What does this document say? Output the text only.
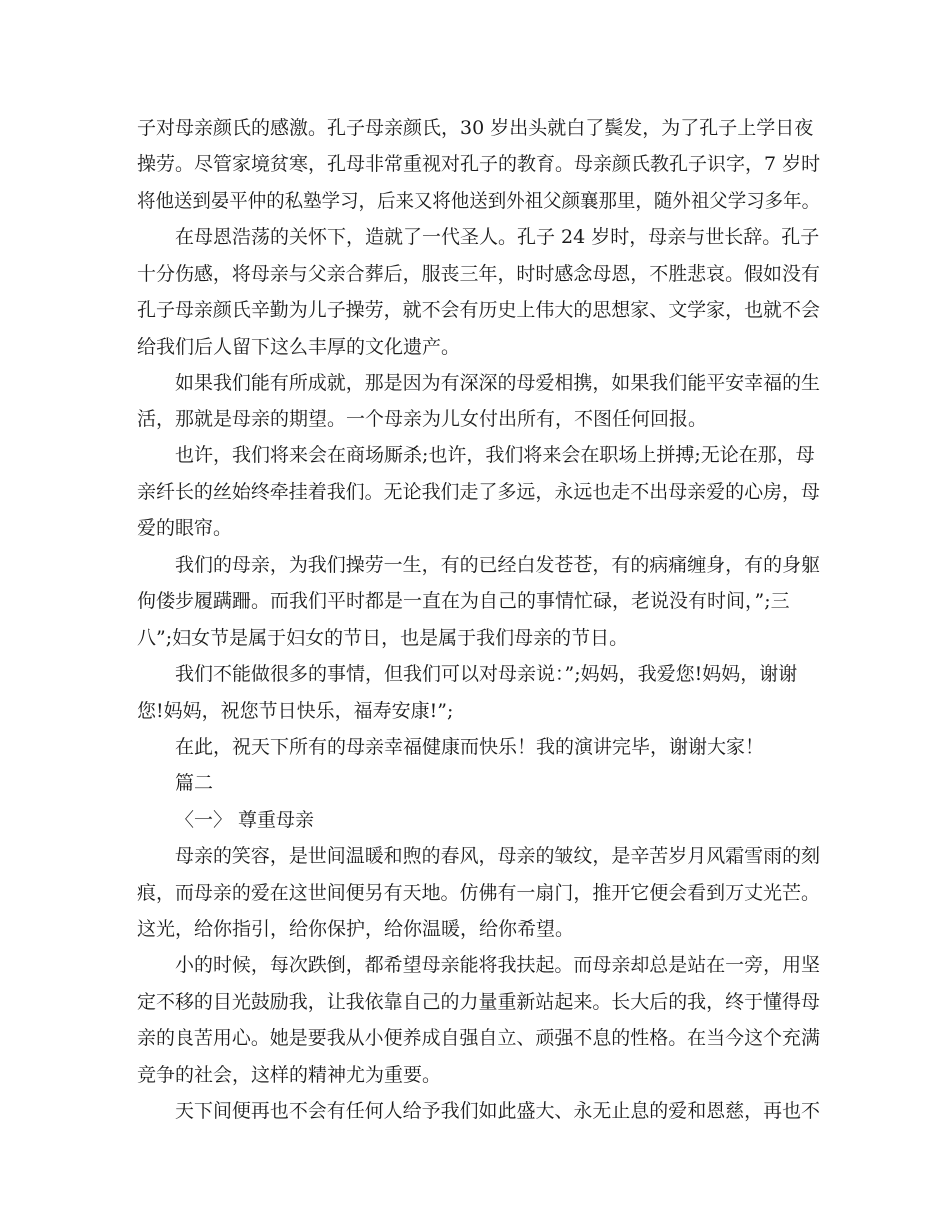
子对母亲颜氏的感激。孔子母亲颜氏，30 岁出头就白了鬓发，为了孔子上学日夜
操劳。尽管家境贫寒，孔母非常重视对孔子的教育。母亲颜氏教孔子识字，7 岁时
将他送到晏平仲的私塾学习，后来又将他送到外祖父颜襄那里，随外祖父学习多年。
在母恩浩荡的关怀下，造就了一代圣人。孔子 24 岁时，母亲与世长辞。孔子
十分伤感，将母亲与父亲合葬后，服丧三年，时时感念母恩，不胜悲哀。假如没有
孔子母亲颜氏辛勤为儿子操劳，就不会有历史上伟大的思想家、文学家，也就不会
给我们后人留下这么丰厚的文化遗产。
如果我们能有所成就，那是因为有深深的母爱相携，如果我们能平安幸福的生
活，那就是母亲的期望。一个母亲为儿女付出所有，不图任何回报。
也许，我们将来会在商场厮杀;也许，我们将来会在职场上拼搏;无论在那，母
亲纤长的丝始终牵挂着我们。无论我们走了多远，永远也走不出母亲爱的心房，母
爱的眼帘。
我们的母亲，为我们操劳一生，有的已经白发苍苍，有的病痛缠身，有的身躯
佝偻步履蹒跚。而我们平时都是一直在为自己的事情忙碌，老说没有时间，”;三
八”;妇女节是属于妇女的节日，也是属于我们母亲的节日。
我们不能做很多的事情，但我们可以对母亲说：”;妈妈，我爱您!妈妈，谢谢
您!妈妈，祝您节日快乐，福寿安康!”;
在此，祝天下所有的母亲幸福健康而快乐！我的演讲完毕，谢谢大家！
篇二
〈一〉 尊重母亲
母亲的笑容，是世间温暖和煦的春风，母亲的皱纹，是辛苦岁月风霜雪雨的刻
痕，而母亲的爱在这世间便另有天地。仿佛有一扇门，推开它便会看到万丈光芒。
这光，给你指引，给你保护，给你温暖，给你希望。
小的时候，每次跌倒，都希望母亲能将我扶起。而母亲却总是站在一旁，用坚
定不移的目光鼓励我，让我依靠自己的力量重新站起来。长大后的我，终于懂得母
亲的良苦用心。她是要我从小便养成自强自立、顽强不息的性格。在当今这个充满
竞争的社会，这样的精神尤为重要。
天下间便再也不会有任何人给予我们如此盛大、永无止息的爱和恩慈，再也不
